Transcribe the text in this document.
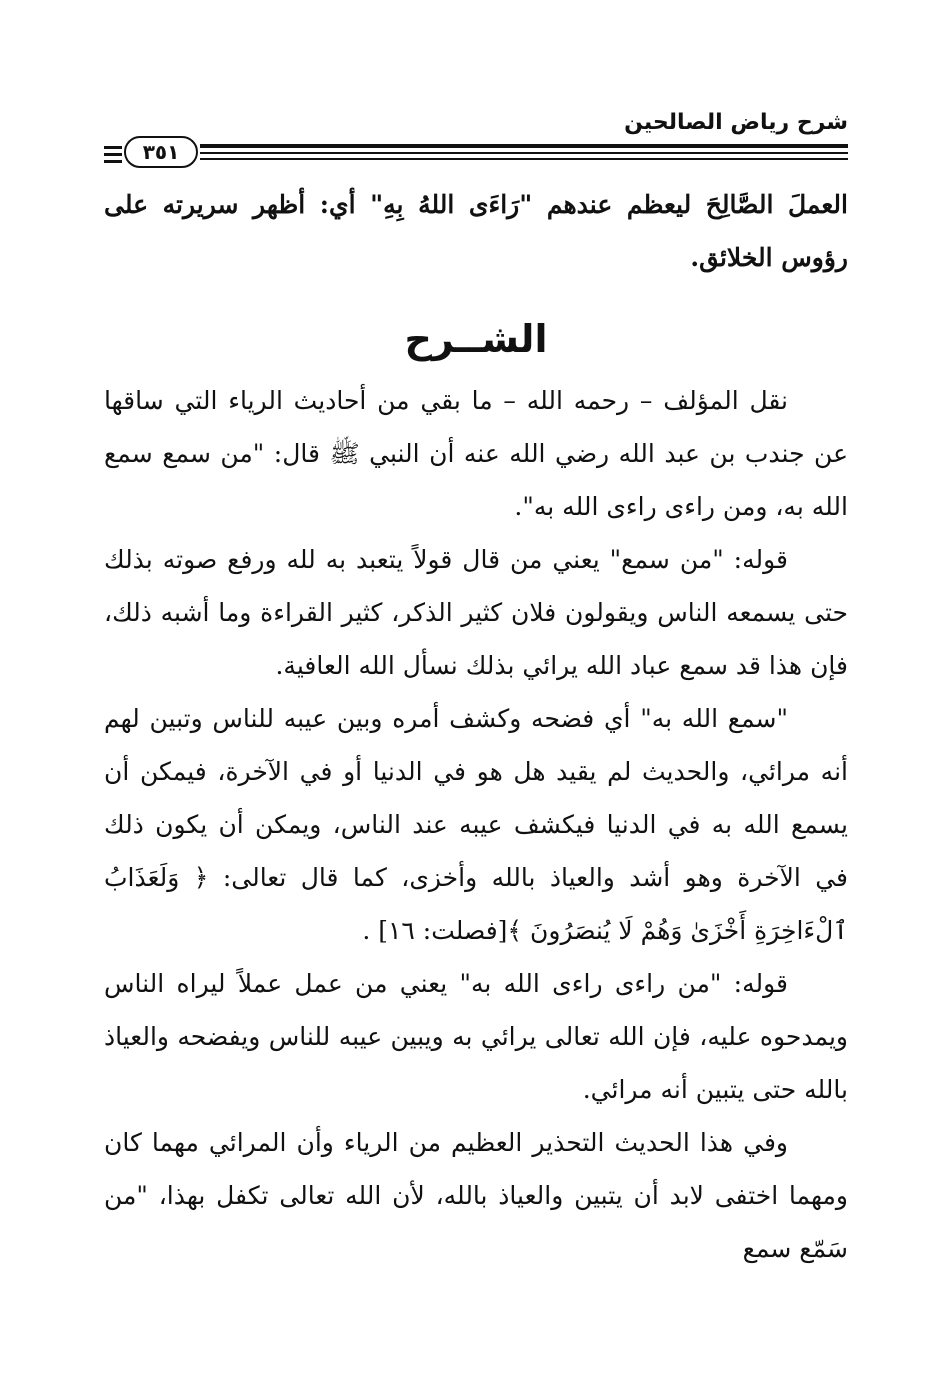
شرح رياض الصالحين
٣٥١

العملَ الصَّالِحَ ليعظم عندهم "رَاءَى اللهُ بِهِ" أي: أظهر سريرته على رؤوس الخلائق.

الشــرح

نقل المؤلف – رحمه الله – ما بقي من أحاديث الرياء التي ساقها عن جندب بن عبد الله رضي الله عنه أن النبي ﷺ قال: "من سمع سمع الله به، ومن راءى راءى الله به".

قوله: "من سمع" يعني من قال قولاً يتعبد به لله ورفع صوته بذلك حتى يسمعه الناس ويقولون فلان كثير الذكر، كثير القراءة وما أشبه ذلك، فإن هذا قد سمع عباد الله يرائي بذلك نسأل الله العافية.

"سمع الله به" أي فضحه وكشف أمره وبين عيبه للناس وتبين لهم أنه مرائي، والحديث لم يقيد هل هو في الدنيا أو في الآخرة، فيمكن أن يسمع الله به في الدنيا فيكشف عيبه عند الناس، ويمكن أن يكون ذلك في الآخرة وهو أشد والعياذ بالله وأخزى، كما قال تعالى: ﴿ وَلَعَذَابُ ٱلْءَاخِرَةِ أَخْزَىٰ وَهُمْ لَا يُنصَرُونَ ﴾[فصلت: ١٦] .

قوله: "من راءى راءى الله به" يعني من عمل عملاً ليراه الناس ويمدحوه عليه، فإن الله تعالى يرائي به ويبين عيبه للناس ويفضحه والعياذ بالله حتى يتبين أنه مرائي.

وفي هذا الحديث التحذير العظيم من الرياء وأن المرائي مهما كان ومهما اختفى لابد أن يتبين والعياذ بالله، لأن الله تعالى تكفل بهذا، "من سَمّع سمع
